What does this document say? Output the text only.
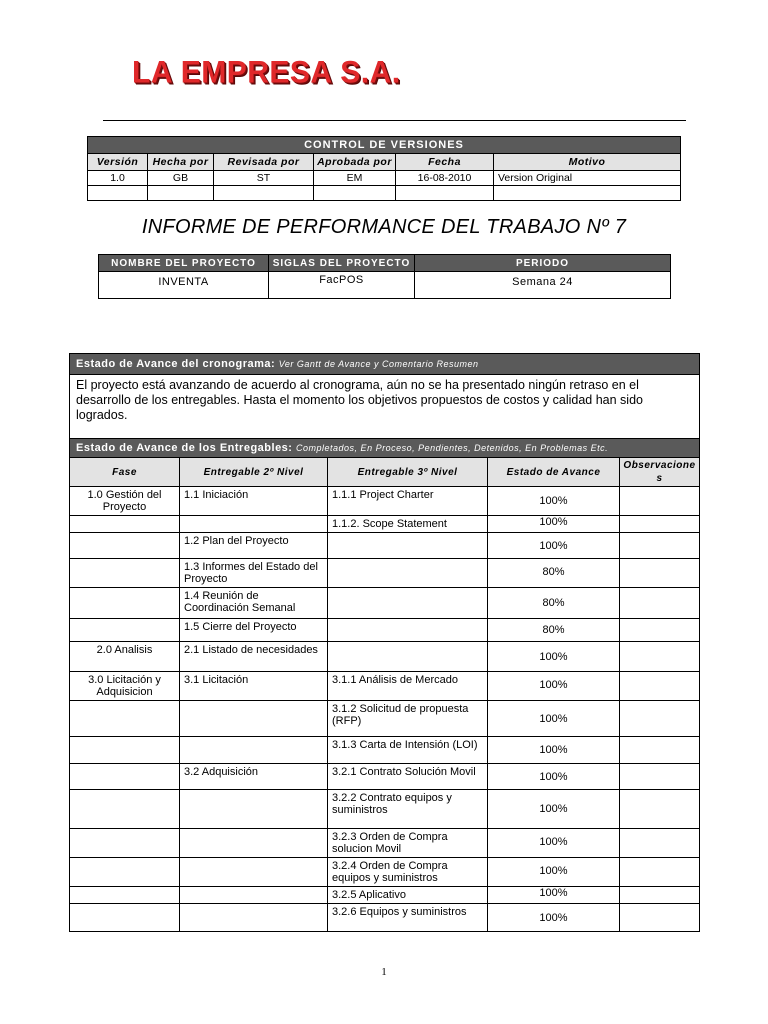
LA EMPRESA S.A.
CONTROL DE VERSIONES					
Versión	Hecha por	Revisada por	Aprobada por	Fecha	Motivo
1.0	GB	ST	EM	16-08-2010	Version Original

INFORME DE PERFORMANCE DEL TRABAJO Nº 7
NOMBRE DEL PROYECTO	SIGLAS DEL PROYECTO	PERIODO
INVENTA	FacPOS	Semana 24
Estado de Avance del cronograma: Ver Gantt de Avance y Comentario Resumen				
El proyecto está avanzando de acuerdo al cronograma, aún no se ha presentado ningún retraso en el desarrollo de los entregables. Hasta el momento los objetivos propuestos de costos y calidad han sido logrados.				
Estado de Avance de los Entregables: Completados, En Proceso, Pendientes, Detenidos, En Problemas Etc.				
Fase	Entregable 2º Nivel	Entregable 3º Nivel	Estado de Avance	Observaciones
1.0 Gestión del Proyecto	1.1 Iniciación	1.1.1 Project Charter	100%	
		1.1.2. Scope Statement	100%	
	1.2 Plan del Proyecto		100%	
	1.3 Informes del Estado del Proyecto		80%	
	1.4 Reunión de Coordinación Semanal		80%	
	1.5 Cierre del Proyecto		80%	
2.0 Analisis	2.1 Listado de necesidades		100%	
3.0 Licitación y Adquisicion	3.1 Licitación	3.1.1 Análisis de Mercado	100%	
		3.1.2 Solicitud de propuesta (RFP)	100%	
		3.1.3 Carta de Intensión (LOI)	100%	
	3.2 Adquisición	3.2.1 Contrato Solución Movil	100%	
		3.2.2 Contrato equipos y suministros	100%	
		3.2.3 Orden de Compra solucion Movil	100%	
		3.2.4 Orden de Compra equipos y suministros	100%	
		3.2.5 Aplicativo	100%	
		3.2.6 Equipos y suministros	100%	
1
